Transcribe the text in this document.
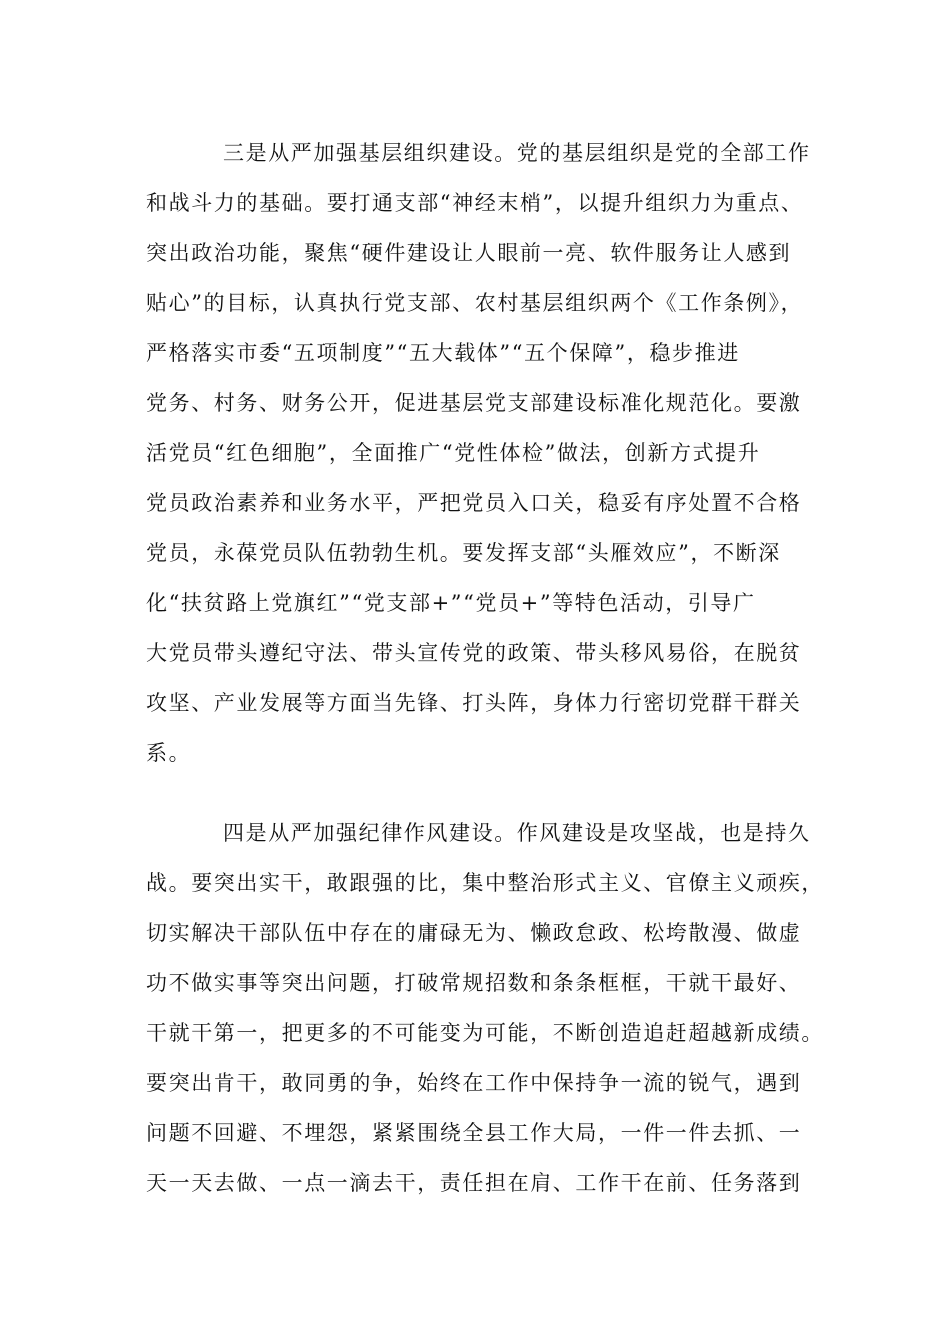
三是从严加强基层组织建设。党的基层组织是党的全部工作
和战斗力的基础。要打通支部“神经末梢”，以提升组织力为重点、
突出政治功能，聚焦“硬件建设让人眼前一亮、软件服务让人感到
贴心”的目标，认真执行党支部、农村基层组织两个《工作条例》，
严格落实市委“五项制度”“五大载体”“五个保障”，稳步推进
党务、村务、财务公开，促进基层党支部建设标准化规范化。要激
活党员“红色细胞”，全面推广“党性体检”做法，创新方式提升
党员政治素养和业务水平，严把党员入口关，稳妥有序处置不合格
党员，永葆党员队伍勃勃生机。要发挥支部“头雁效应”，不断深
化“扶贫路上党旗红”“党支部+”“党员+”等特色活动，引导广
大党员带头遵纪守法、带头宣传党的政策、带头移风易俗，在脱贫
攻坚、产业发展等方面当先锋、打头阵，身体力行密切党群干群关
系。
四是从严加强纪律作风建设。作风建设是攻坚战，也是持久
战。要突出实干，敢跟强的比，集中整治形式主义、官僚主义顽疾，
切实解决干部队伍中存在的庸碌无为、懒政怠政、松垮散漫、做虚
功不做实事等突出问题，打破常规招数和条条框框，干就干最好、
干就干第一，把更多的不可能变为可能，不断创造追赶超越新成绩。
要突出肯干，敢同勇的争，始终在工作中保持争一流的锐气，遇到
问题不回避、不埋怨，紧紧围绕全县工作大局，一件一件去抓、一
天一天去做、一点一滴去干，责任担在肩、工作干在前、任务落到
